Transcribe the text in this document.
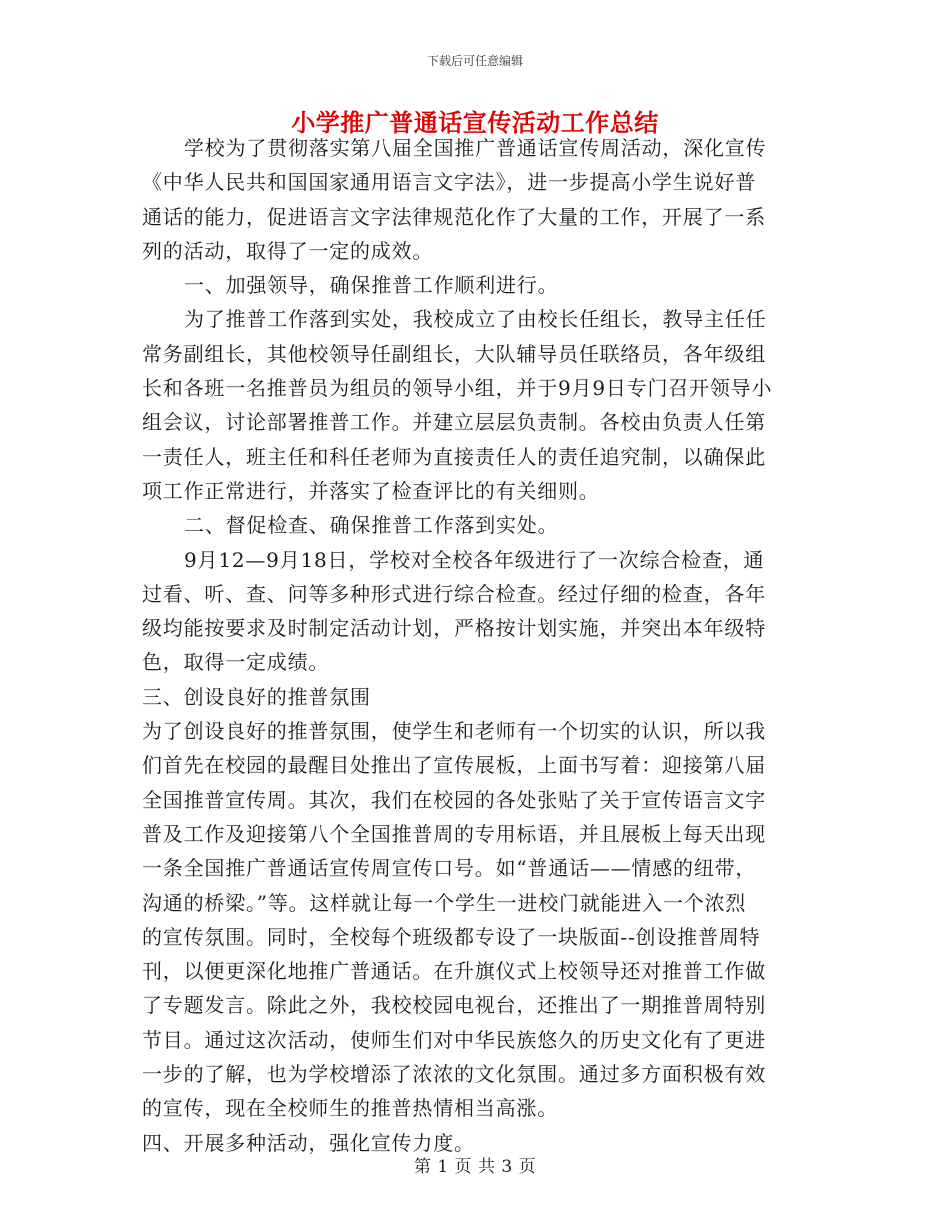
下载后可任意编辑
小学推广普通话宣传活动工作总结
学校为了贯彻落实第八届全国推广普通话宣传周活动，深化宣传
《中华人民共和国国家通用语言文字法》，进一步提高小学生说好普
通话的能力，促进语言文字法律规范化作了大量的工作，开展了一系
列的活动，取得了一定的成效。
一、加强领导，确保推普工作顺利进行。
为了推普工作落到实处，我校成立了由校长任组长，教导主任任
常务副组长，其他校领导任副组长，大队辅导员任联络员，各年级组
长和各班一名推普员为组员的领导小组，并于9月9日专门召开领导小
组会议，讨论部署推普工作。并建立层层负责制。各校由负责人任第
一责任人，班主任和科任老师为直接责任人的责任追究制，以确保此
项工作正常进行，并落实了检查评比的有关细则。
二、督促检查、确保推普工作落到实处。
9月12—9月18日，学校对全校各年级进行了一次综合检查，通
过看、听、查、问等多种形式进行综合检查。经过仔细的检查，各年
级均能按要求及时制定活动计划，严格按计划实施，并突出本年级特
色，取得一定成绩。
三、创设良好的推普氛围
为了创设良好的推普氛围，使学生和老师有一个切实的认识，所以我
们首先在校园的最醒目处推出了宣传展板，上面书写着：迎接第八届
全国推普宣传周。其次，我们在校园的各处张贴了关于宣传语言文字
普及工作及迎接第八个全国推普周的专用标语，并且展板上每天出现
一条全国推广普通话宣传周宣传口号。如“普通话——情感的纽带，
沟通的桥梁。”等。这样就让每一个学生一进校门就能进入一个浓烈
的宣传氛围。同时，全校每个班级都专设了一块版面--创设推普周特
刊，以便更深化地推广普通话。在升旗仪式上校领导还对推普工作做
了专题发言。除此之外，我校校园电视台，还推出了一期推普周特别
节目。通过这次活动，使师生们对中华民族悠久的历史文化有了更进
一步的了解，也为学校增添了浓浓的文化氛围。通过多方面积极有效
的宣传，现在全校师生的推普热情相当高涨。
四、开展多种活动，强化宣传力度。
第 1 页 共 3 页
